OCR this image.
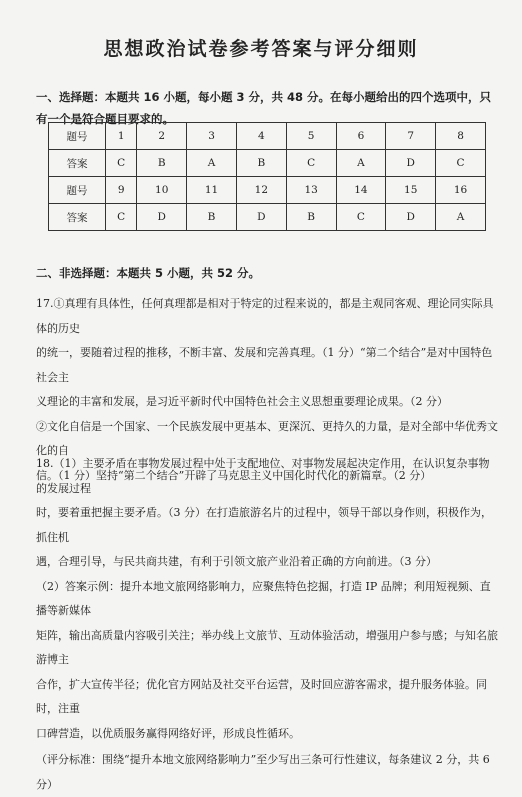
思想政治试卷参考答案与评分细则
一、选择题：本题共 16 小题，每小题 3 分，共 48 分。在每小题给出的四个选项中，只有一个是符合题目要求的。
题号	1	2	3	4	5	6	7	8
答案	C	B	A	B	C	A	D	C
题号	9	10	11	12	13	14	15	16
答案	C	D	B	D	B	C	D	A
二、非选择题：本题共 5 小题，共 52 分。
17.①真理有具体性，任何真理都是相对于特定的过程来说的，都是主观同客观、理论同实际具体的历史
的统一，要随着过程的推移，不断丰富、发展和完善真理。（1 分）“第二个结合”是对中国特色社会主
义理论的丰富和发展，是习近平新时代中国特色社会主义思想重要理论成果。（2 分）
②文化自信是一个国家、一个民族发展中更基本、更深沉、更持久的力量，是对全部中华优秀文化的自
信。（1 分）坚持“第二个结合”开辟了马克思主义中国化时代化的新篇章。（2 分）
18.（1）主要矛盾在事物发展过程中处于支配地位、对事物发展起决定作用，在认识复杂事物的发展过程
时，要着重把握主要矛盾。（3 分）在打造旅游名片的过程中，领导干部以身作则，积极作为，抓住机
遇，合理引导，与民共商共建，有利于引领文旅产业沿着正确的方向前进。（3 分）
（2）答案示例：提升本地文旅网络影响力，应聚焦特色挖掘，打造 IP 品牌；利用短视频、直播等新媒体
矩阵，输出高质量内容吸引关注；举办线上文旅节、互动体验活动，增强用户参与感；与知名旅游博主
合作，扩大宣传半径；优化官方网站及社交平台运营，及时回应游客需求，提升服务体验。同时，注重
口碑营造，以优质服务赢得网络好评，形成良性循环。
（评分标准：围绕“提升本地文旅网络影响力”至少写出三条可行性建议，每条建议 2 分，共 6 分）
